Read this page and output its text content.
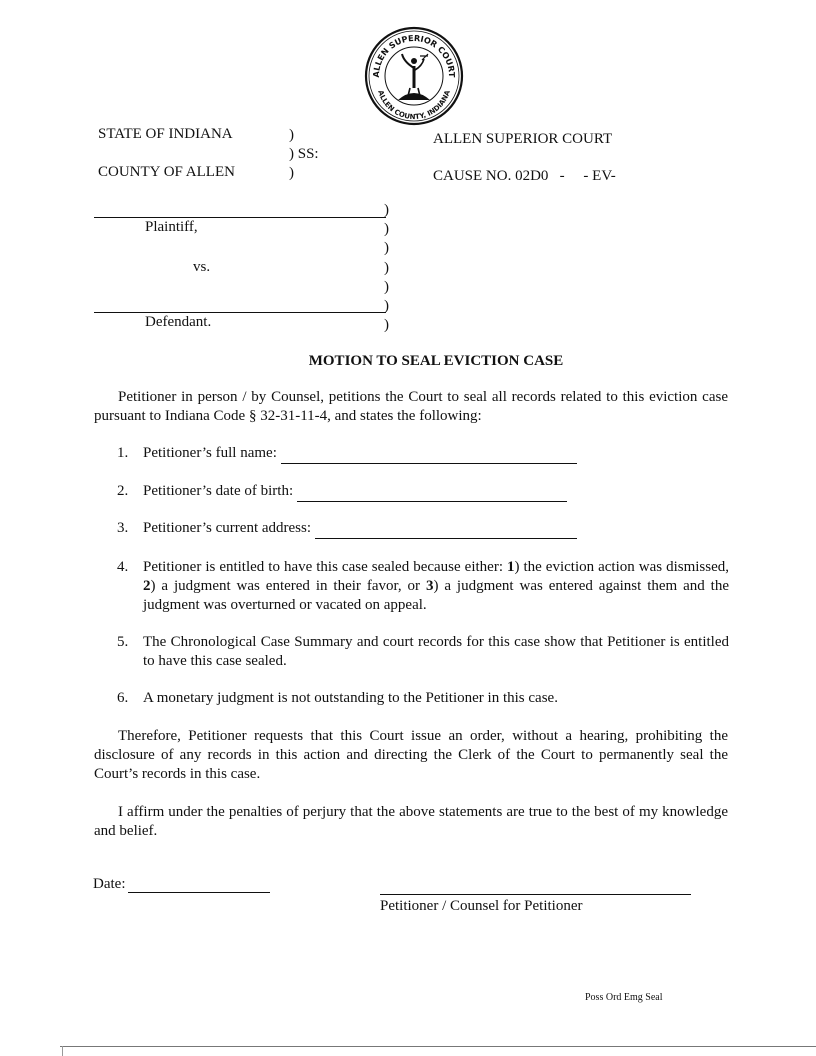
ALLEN SUPERIOR COURT
ALLEN COUNTY, INDIANA
STATE OF INDIANA
COUNTY OF ALLEN
)
) SS:
)
ALLEN SUPERIOR COURT
CAUSE NO. 02D0   -     - EV-
Plaintiff,
vs.
Defendant.
)
)
)
)
)
)
)
MOTION TO SEAL EVICTION CASE
Petitioner in person / by Counsel, petitions the Court to seal all records related to this eviction case pursuant to Indiana Code § 32-31-11-4, and states the following:
1. Petitioner’s full name:
2. Petitioner’s date of birth:
3. Petitioner’s current address:
4. Petitioner is entitled to have this case sealed because either: 1) the eviction action was dismissed, 2) a judgment was entered in their favor, or 3) a judgment was entered against them and the judgment was overturned or vacated on appeal.
5. The Chronological Case Summary and court records for this case show that Petitioner is entitled to have this case sealed.
6. A monetary judgment is not outstanding to the Petitioner in this case.
Therefore, Petitioner requests that this Court issue an order, without a hearing, prohibiting the disclosure of any records in this action and directing the Clerk of the Court to permanently seal the Court’s records in this case.
I affirm under the penalties of perjury that the above statements are true to the best of my knowledge and belief.
Date:
Petitioner / Counsel for Petitioner
Poss Ord Emg Seal
